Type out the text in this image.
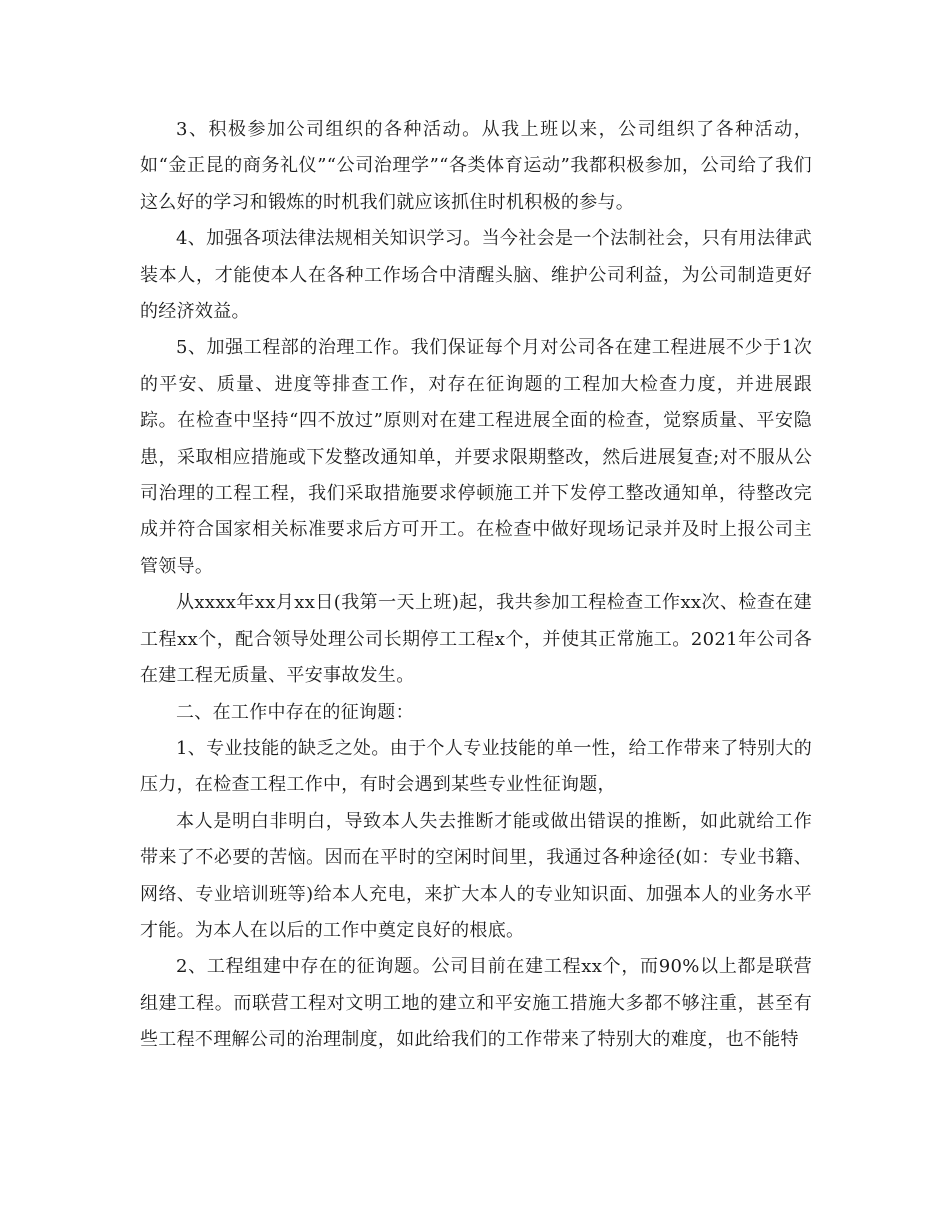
3、积极参加公司组织的各种活动。从我上班以来，公司组织了各种活动，如“金正昆的商务礼仪”“公司治理学”“各类体育运动”我都积极参加，公司给了我们这么好的学习和锻炼的时机我们就应该抓住时机积极的参与。

4、加强各项法律法规相关知识学习。当今社会是一个法制社会，只有用法律武装本人，才能使本人在各种工作场合中清醒头脑、维护公司利益，为公司制造更好的经济效益。

5、加强工程部的治理工作。我们保证每个月对公司各在建工程进展不少于1次的平安、质量、进度等排查工作，对存在征询题的工程加大检查力度，并进展跟踪。在检查中坚持“四不放过”原则对在建工程进展全面的检查，觉察质量、平安隐患，采取相应措施或下发整改通知单，并要求限期整改，然后进展复查;对不服从公司治理的工程工程，我们采取措施要求停顿施工并下发停工整改通知单，待整改完成并符合国家相关标准要求后方可开工。在检查中做好现场记录并及时上报公司主管领导。

从xxxx年xx月xx日(我第一天上班)起，我共参加工程检查工作xx次、检查在建工程xx个，配合领导处理公司长期停工工程x个，并使其正常施工。2021年公司各在建工程无质量、平安事故发生。

二、在工作中存在的征询题：

1、专业技能的缺乏之处。由于个人专业技能的单一性，给工作带来了特别大的压力，在检查工程工作中，有时会遇到某些专业性征询题，

本人是明白非明白，导致本人失去推断才能或做出错误的推断，如此就给工作带来了不必要的苦恼。因而在平时的空闲时间里，我通过各种途径(如：专业书籍、网络、专业培训班等)给本人充电，来扩大本人的专业知识面、加强本人的业务水平才能。为本人在以后的工作中奠定良好的根底。

2、工程组建中存在的征询题。公司目前在建工程xx个，而90%以上都是联营组建工程。而联营工程对文明工地的建立和平安施工措施大多都不够注重，甚至有些工程不理解公司的治理制度，如此给我们的工作带来了特别大的难度，也不能特
